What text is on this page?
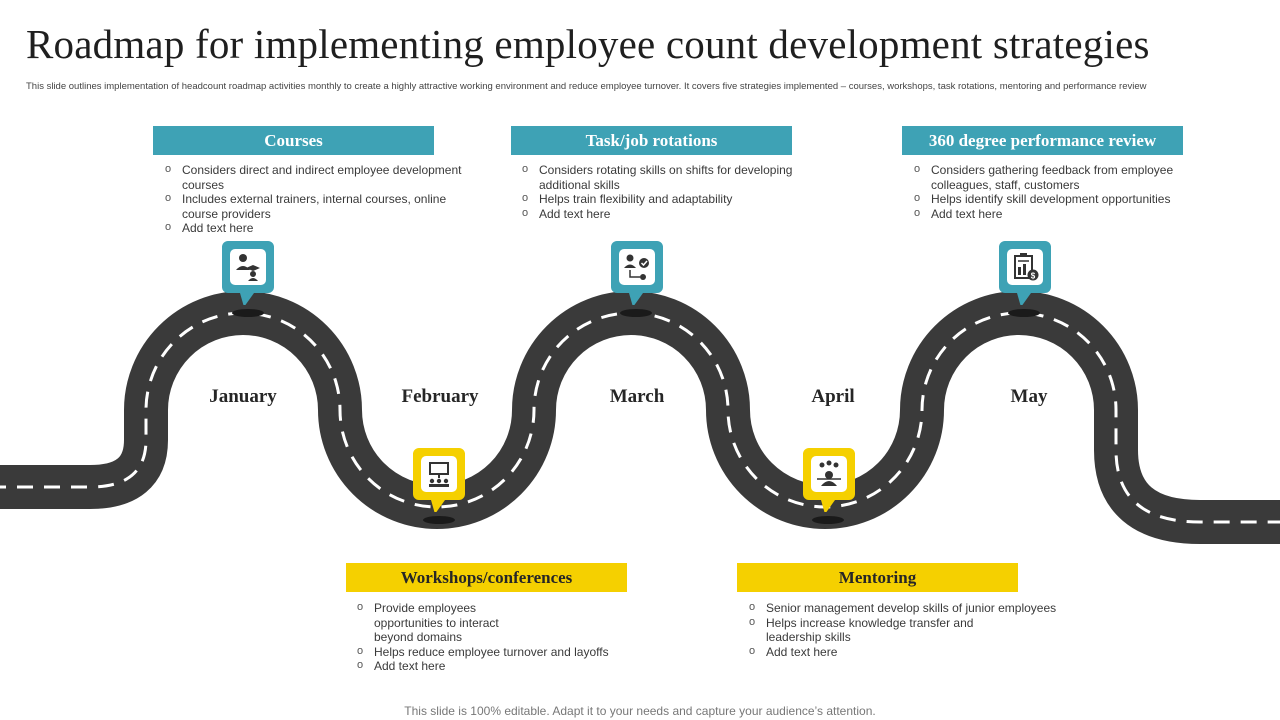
Roadmap for implementing employee count development strategies
This slide outlines implementation of headcount roadmap activities monthly to create a highly attractive working environment and reduce employee turnover. It covers five strategies implemented – courses, workshops, task rotations, mentoring and performance review
Courses
o Considers direct and indirect employee development courses
o Includes external trainers, internal courses, online course providers
o Add text here
Task/job rotations
o Considers rotating skills on shifts for developing additional skills
o Helps train flexibility and adaptability
o Add text here
360 degree performance review
o Considers gathering feedback from employee colleagues, staff, customers
o Helps identify skill development opportunities
o Add text here
Workshops/conferences
o Provide employees opportunities to interact beyond domains
o Helps reduce employee turnover and layoffs
o Add text here
Mentoring
o Senior management develop skills of junior employees
o Helps increase knowledge transfer and leadership skills
o Add text here
January	February	March	April	May
$
This slide is 100% editable. Adapt it to your needs and capture your audience’s attention.
